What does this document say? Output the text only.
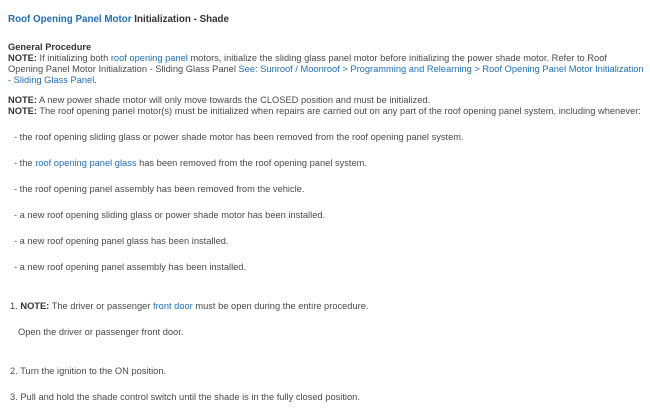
Roof Opening Panel Motor Initialization - Shade
General Procedure
NOTE: If initializing both roof opening panel motors, initialize the sliding glass panel motor before initializing the power shade motor. Refer to Roof Opening Panel Motor Initialization - Sliding Glass Panel See: Sunroof / Moonroof > Programming and Relearning > Roof Opening Panel Motor Initialization - Sliding Glass Panel.
NOTE: A new power shade motor will only move towards the CLOSED position and must be initialized.
NOTE: The roof opening panel motor(s) must be initialized when repairs are carried out on any part of the roof opening panel system, including whenever:
- the roof opening sliding glass or power shade motor has been removed from the roof opening panel system.
- the roof opening panel glass has been removed from the roof opening panel system.
- the roof opening panel assembly has been removed from the vehicle.
- a new roof opening sliding glass or power shade motor has been installed.
- a new roof opening panel glass has been installed.
- a new roof opening panel assembly has been installed.
1. NOTE: The driver or passenger front door must be open during the entire procedure.
Open the driver or passenger front door.
2. Turn the ignition to the ON position.
3. Pull and hold the shade control switch until the shade is in the fully closed position.
